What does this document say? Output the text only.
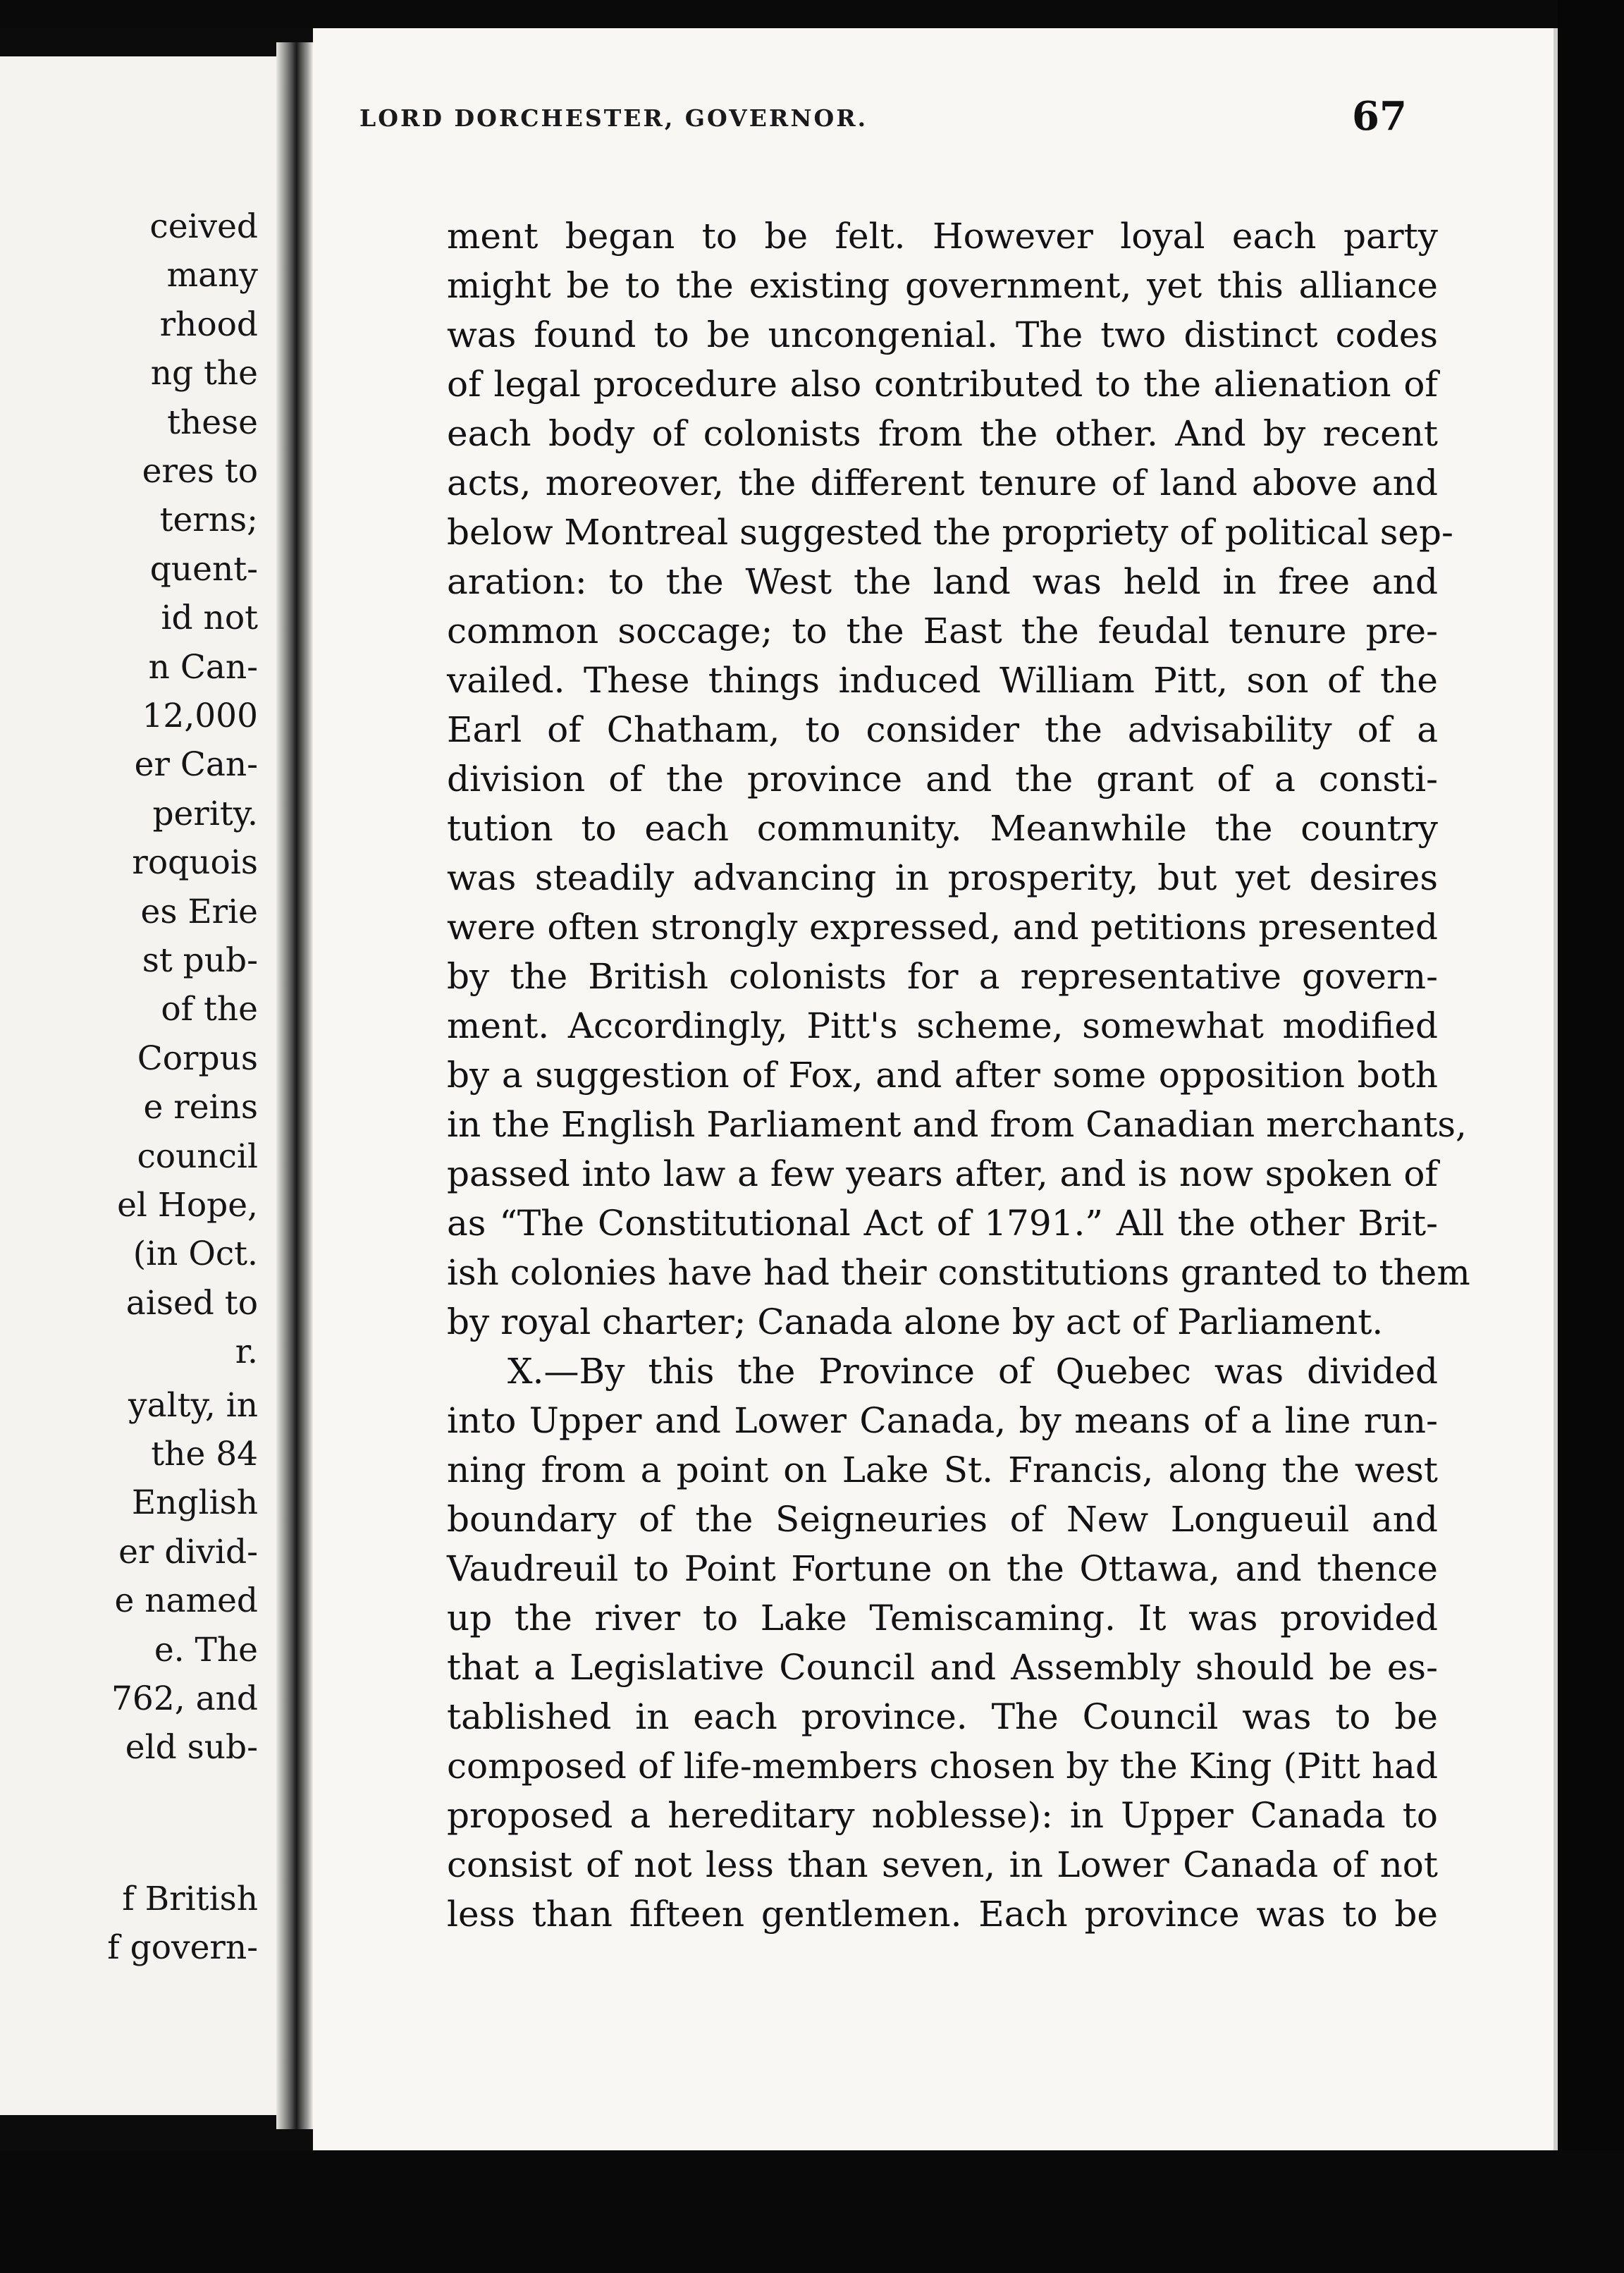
ceived
many
rhood
ng the
these
eres to
terns;
quent-
id not
n Can-
12,000
er Can-
perity.
roquois
es Erie
st pub-
of the
Corpus
e reins
council
el Hope,
(in Oct.
aised to
r.
yalty, in
the 84
English
er divid-
e named
e. The
762, and
eld sub-
f British
f govern-
LORD DORCHESTER, GOVERNOR.	67
ment began to be felt. However loyal each party
might be to the existing government, yet this alliance
was found to be uncongenial. The two distinct codes
of legal procedure also contributed to the alienation of
each body of colonists from the other. And by recent
acts, moreover, the different tenure of land above and
below Montreal suggested the propriety of political sep-
aration: to the West the land was held in free and
common soccage; to the East the feudal tenure pre-
vailed. These things induced William Pitt, son of the
Earl of Chatham, to consider the advisability of a
division of the province and the grant of a consti-
tution to each community. Meanwhile the country
was steadily advancing in prosperity, but yet desires
were often strongly expressed, and petitions presented
by the British colonists for a representative govern-
ment. Accordingly, Pitt's scheme, somewhat modified
by a suggestion of Fox, and after some opposition both
in the English Parliament and from Canadian merchants,
passed into law a few years after, and is now spoken of
as “The Constitutional Act of 1791.” All the other Brit-
ish colonies have had their constitutions granted to them
by royal charter; Canada alone by act of Parliament.
X.—By this the Province of Quebec was divided
into Upper and Lower Canada, by means of a line run-
ning from a point on Lake St. Francis, along the west
boundary of the Seigneuries of New Longueuil and
Vaudreuil to Point Fortune on the Ottawa, and thence
up the river to Lake Temiscaming. It was provided
that a Legislative Council and Assembly should be es-
tablished in each province. The Council was to be
composed of life-members chosen by the King (Pitt had
proposed a hereditary noblesse): in Upper Canada to
consist of not less than seven, in Lower Canada of not
less than fifteen gentlemen. Each province was to be
